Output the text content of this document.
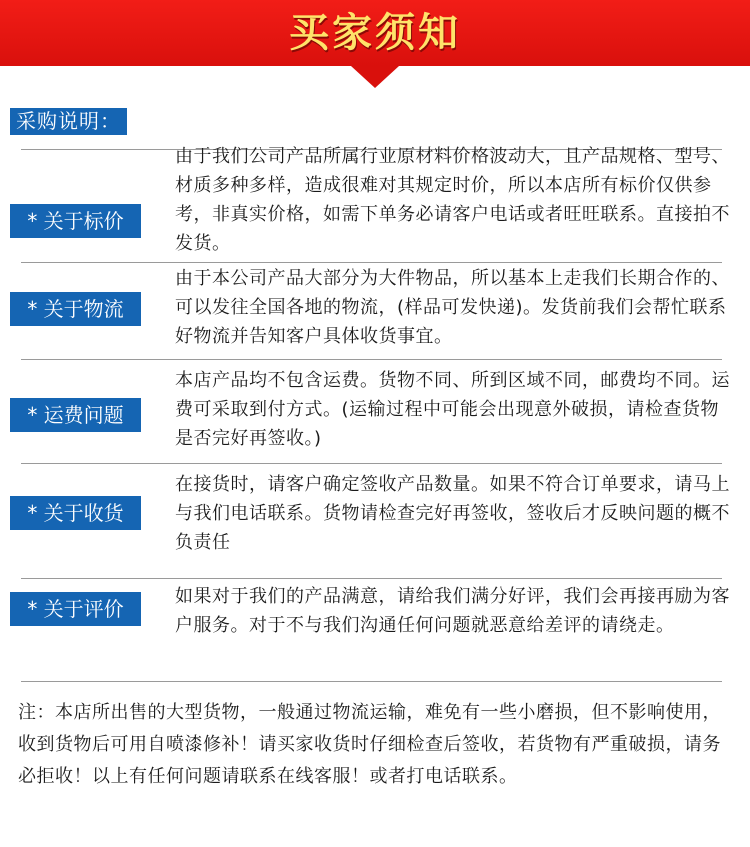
买家须知
采购说明：
* 关于标价
由于我们公司产品所属行业原材料价格波动大，且产品规格、型号、材质多种多样，造成很难对其规定时价，所以本店所有标价仅供参考，非真实价格，如需下单务必请客户电话或者旺旺联系。直接拍不发货。
* 关于物流
由于本公司产品大部分为大件物品，所以基本上走我们长期合作的、可以发往全国各地的物流，(样品可发快递)。发货前我们会帮忙联系好物流并告知客户具体收货事宜。
* 运费问题
本店产品均不包含运费。货物不同、所到区域不同，邮费均不同。运费可采取到付方式。(运输过程中可能会出现意外破损，请检查货物是否完好再签收。)
* 关于收货
在接货时，请客户确定签收产品数量。如果不符合订单要求，请马上与我们电话联系。货物请检查完好再签收，签收后才反映问题的概不负责任
* 关于评价
如果对于我们的产品满意，请给我们满分好评，我们会再接再励为客户服务。对于不与我们沟通任何问题就恶意给差评的请绕走。
注：本店所出售的大型货物，一般通过物流运输，难免有一些小磨损，但不影响使用，收到货物后可用自喷漆修补！请买家收货时仔细检查后签收，若货物有严重破损，请务必拒收！以上有任何问题请联系在线客服！或者打电话联系。
